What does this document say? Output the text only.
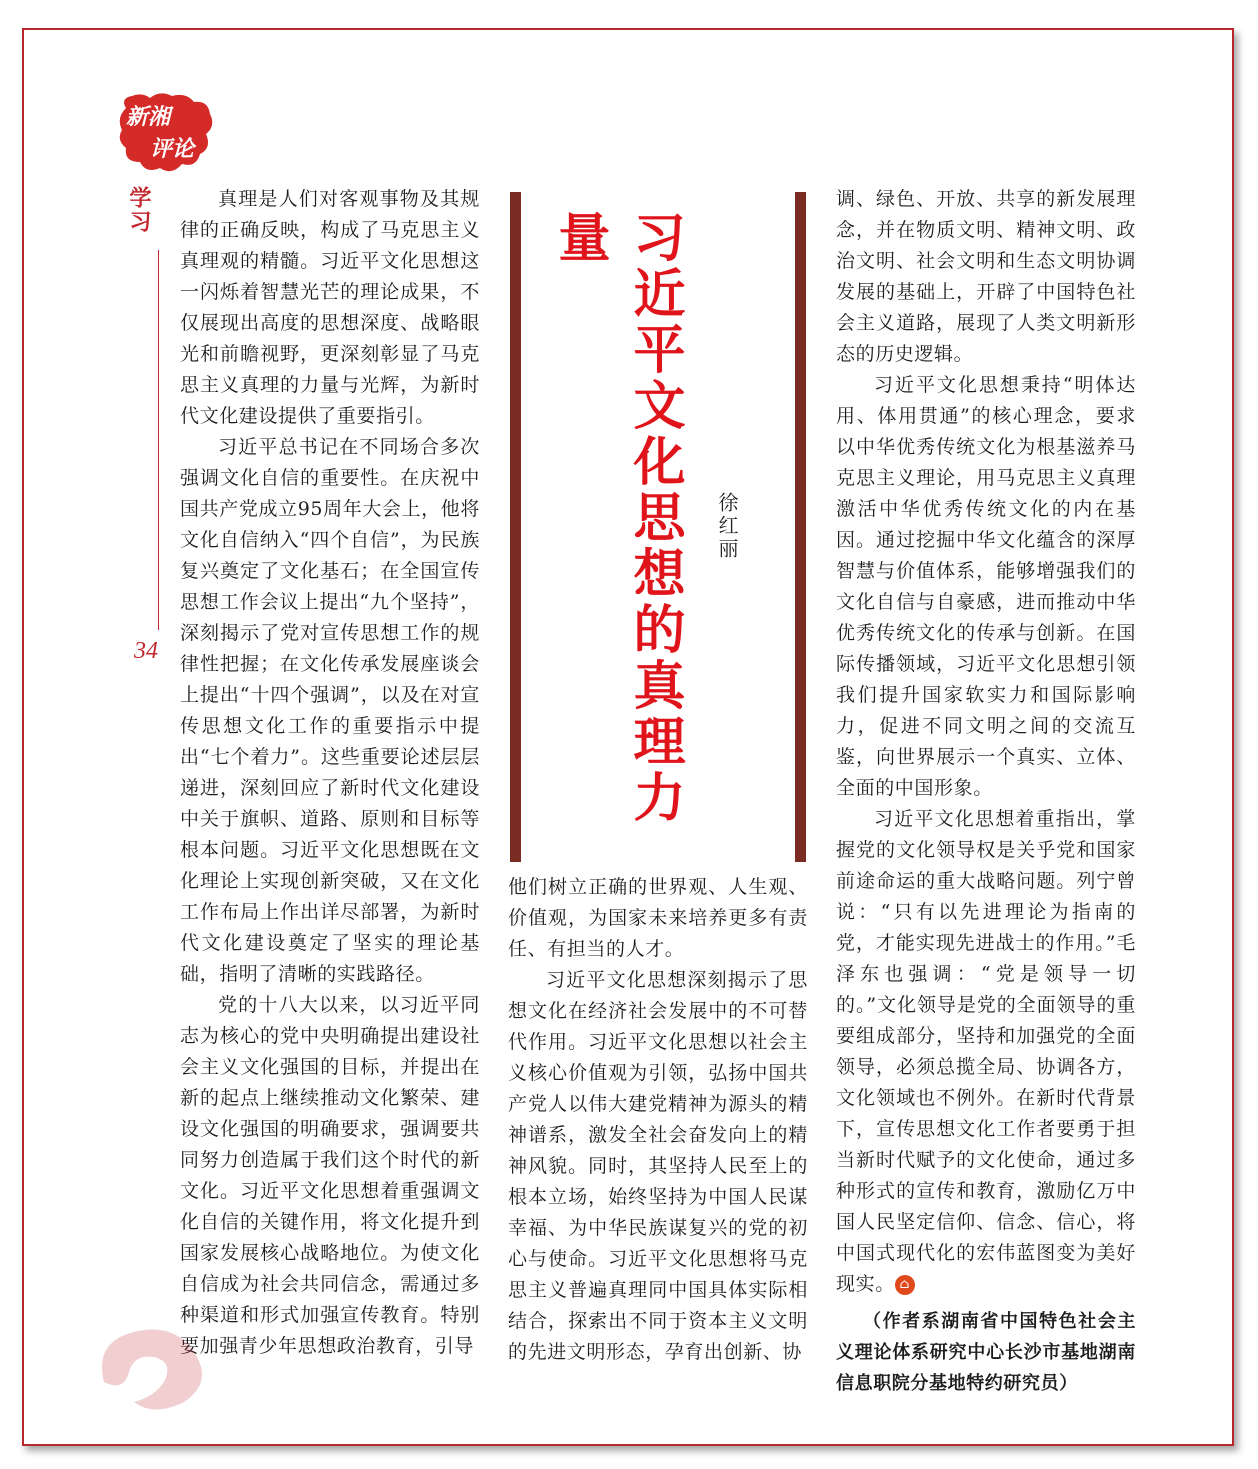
新湘
评论
学习
34

真理是人们对客观事物及其规律的正确反映，构成了马克思主义真理观的精髓。习近平文化思想这一闪烁着智慧光芒的理论成果，不仅展现出高度的思想深度、战略眼光和前瞻视野，更深刻彰显了马克思主义真理的力量与光辉，为新时代文化建设提供了重要指引。

习近平总书记在不同场合多次强调文化自信的重要性。在庆祝中国共产党成立95周年大会上，他将文化自信纳入“四个自信”，为民族复兴奠定了文化基石；在全国宣传思想工作会议上提出“九个坚持”，深刻揭示了党对宣传思想工作的规律性把握；在文化传承发展座谈会上提出“十四个强调”，以及在对宣传思想文化工作的重要指示中提出“七个着力”。这些重要论述层层递进，深刻回应了新时代文化建设中关于旗帜、道路、原则和目标等根本问题。习近平文化思想既在文化理论上实现创新突破，又在文化工作布局上作出详尽部署，为新时代文化建设奠定了坚实的理论基础，指明了清晰的实践路径。

党的十八大以来，以习近平同志为核心的党中央明确提出建设社会主义文化强国的目标，并提出在新的起点上继续推动文化繁荣、建设文化强国的明确要求，强调要共同努力创造属于我们这个时代的新文化。习近平文化思想着重强调文化自信的关键作用，将文化提升到国家发展核心战略地位。为使文化自信成为社会共同信念，需通过多种渠道和形式加强宣传教育。特别要加强青少年思想政治教育，引导

习近平文化思想的真理力量
徐红丽

他们树立正确的世界观、人生观、价值观，为国家未来培养更多有责任、有担当的人才。

习近平文化思想深刻揭示了思想文化在经济社会发展中的不可替代作用。习近平文化思想以社会主义核心价值观为引领，弘扬中国共产党人以伟大建党精神为源头的精神谱系，激发全社会奋发向上的精神风貌。同时，其坚持人民至上的根本立场，始终坚持为中国人民谋幸福、为中华民族谋复兴的党的初心与使命。习近平文化思想将马克思主义普遍真理同中国具体实际相结合，探索出不同于资本主义文明的先进文明形态，孕育出创新、协

调、绿色、开放、共享的新发展理念，并在物质文明、精神文明、政治文明、社会文明和生态文明协调发展的基础上，开辟了中国特色社会主义道路，展现了人类文明新形态的历史逻辑。

习近平文化思想秉持“明体达用、体用贯通”的核心理念，要求以中华优秀传统文化为根基滋养马克思主义理论，用马克思主义真理激活中华优秀传统文化的内在基因。通过挖掘中华文化蕴含的深厚智慧与价值体系，能够增强我们的文化自信与自豪感，进而推动中华优秀传统文化的传承与创新。在国际传播领域，习近平文化思想引领我们提升国家软实力和国际影响力，促进不同文明之间的交流互鉴，向世界展示一个真实、立体、全面的中国形象。

习近平文化思想着重指出，掌握党的文化领导权是关乎党和国家前途命运的重大战略问题。列宁曾说：“只有以先进理论为指南的党，才能实现先进战士的作用。”毛泽东也强调：“党是领导一切的。”文化领导是党的全面领导的重要组成部分，坚持和加强党的全面领导，必须总揽全局、协调各方，文化领域也不例外。在新时代背景下，宣传思想文化工作者要勇于担当新时代赋予的文化使命，通过多种形式的宣传和教育，激励亿万中国人民坚定信仰、信念、信心，将中国式现代化的宏伟蓝图变为美好现实。 ⌂

（作者系湖南省中国特色社会主义理论体系研究中心长沙市基地湖南信息职院分基地特约研究员）
